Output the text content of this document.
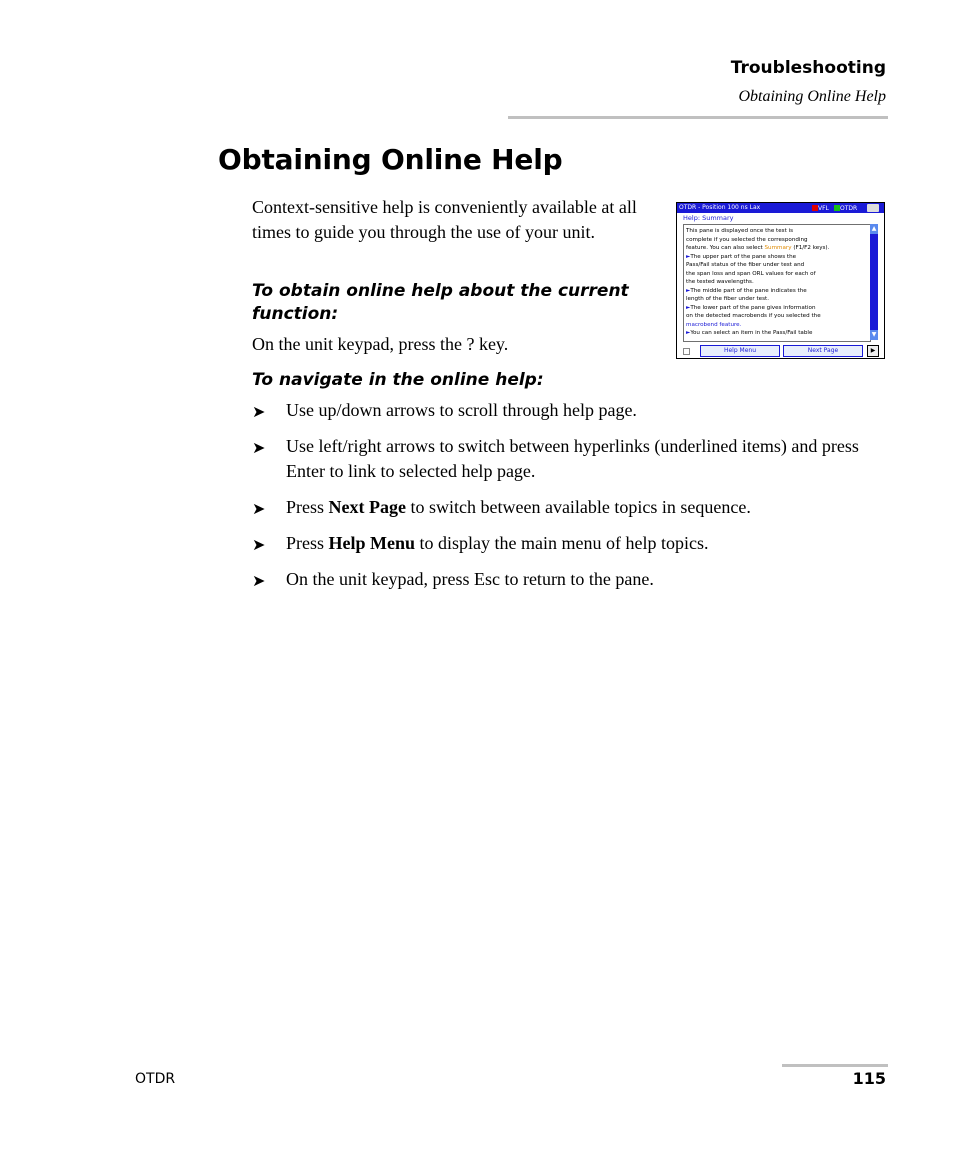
Troubleshooting
Obtaining Online Help
Obtaining Online Help

Context-sensitive help is conveniently available at all times to guide you through the use of your unit.

To obtain online help about the current function:
On the unit keypad, press the ? key.
To navigate in the online help:
➤ Use up/down arrows to scroll through help page.
➤ Use left/right arrows to switch between hyperlinks (underlined items) and press Enter to link to selected help page.
➤ Press Next Page to switch between available topics in sequence.
➤ Press Help Menu to display the main menu of help topics.
➤ On the unit keypad, press Esc to return to the pane.
OTDR - Position 100 ns Lax	VFL	OTDR
Help: Summary
This pane is displayed once the test is
complete if you selected the corresponding
feature. You can also select Summary (F1/F2 keys).
►The upper part of the pane shows the
Pass/Fail status of the fiber under test and
the span loss and span ORL values for each of
the tested wavelengths.
►The middle part of the pane indicates the
length of the fiber under test.
►The lower part of the pane gives information
on the detected macrobends if you selected the
macrobend feature.
►You can select an item in the Pass/Fail table
▲
▼
Help Menu	Next Page	▶
OTDR	115
